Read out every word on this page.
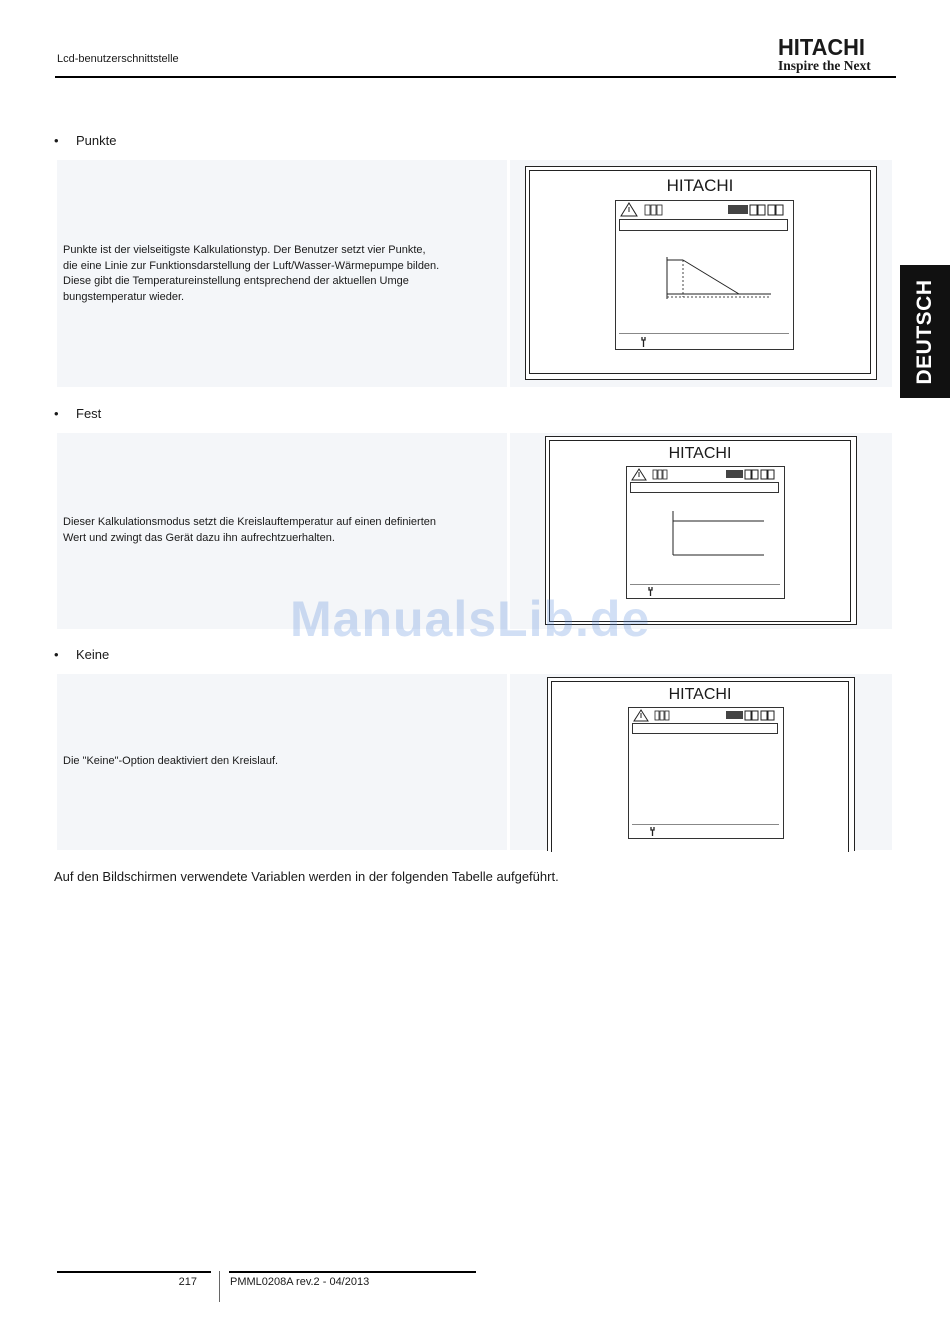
Lcd-benutzerschnittstelle	HITACHI
Inspire the Next
DEUTSCH
• Punkte
Punkte ist der vielseitigste Kalkulationstyp. Der Benutzer setzt vier Punkte,
die eine Linie zur Funktionsdarstellung der Luft/Wasser-Wärmepumpe bilden.
Diese gibt die Temperatureinstellung entsprechend der aktuellen Umge
bungstemperatur wieder.
HITACHI
• Fest
Dieser Kalkulationsmodus setzt die Kreislauftemperatur auf einen definierten
Wert und zwingt das Gerät dazu ihn aufrechtzuerhalten.
HITACHI
• Keine
Die "Keine"-Option deaktiviert den Kreislauf.
HITACHI
Auf den Bildschirmen verwendete Variablen werden in der folgenden Tabelle aufgeführt.
ManualsLib.de
217	PMML0208A rev.2 - 04/2013
